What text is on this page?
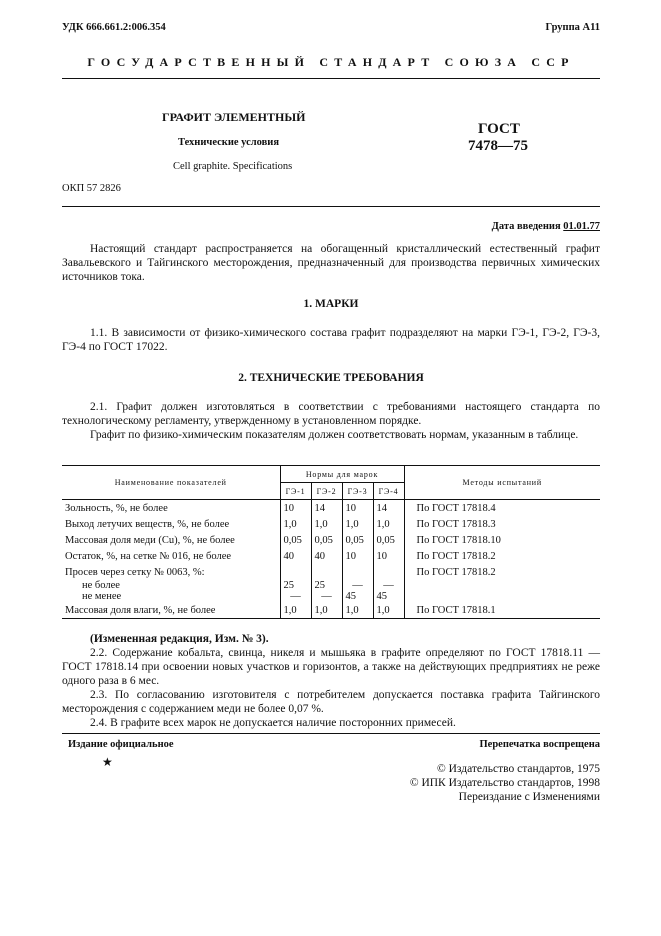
УДК 666.661.2:006.354	Группа А11
ГОСУДАРСТВЕННЫЙ СТАНДАРТ СОЮЗА ССР
ГРАФИТ ЭЛЕМЕНТНЫЙ
Технические условия
Cell graphite. Specifications
ГОСТ
7478—75
ОКП 57 2826
Дата введения 01.01.77

Настоящий стандарт распространяется на обогащенный кристаллический естественный графит Завальевского и Тайгинского месторождения, предназначенный для производства первичных химических источников тока.

1. МАРКИ

1.1. В зависимости от физико-химического состава графит подразделяют на марки ГЭ-1, ГЭ-2, ГЭ-3, ГЭ-4 по ГОСТ 17022.

2. ТЕХНИЧЕСКИЕ ТРЕБОВАНИЯ

2.1. Графит должен изготовляться в соответствии с требованиями настоящего стандарта по технологическому регламенту, утвержденному в установленном порядке.

Графит по физико-химическим показателям должен соответствовать нормам, указанным в таблице.

Наименование показателей	Нормы для марок				Методы испытаний
	ГЭ-1	ГЭ-2	ГЭ-3	ГЭ-4	
Зольность, %, не более	10	14	10	14	По ГОСТ 17818.4
Выход летучих веществ, %, не более	1,0	1,0	1,0	1,0	По ГОСТ 17818.3
Массовая доля меди (Cu), %, не более	0,05	0,05	0,05	0,05	По ГОСТ 17818.10
Остаток, %, на сетке № 016, не более	40	40	10	10	По ГОСТ 17818.2
Просев через сетку № 0063, %:					По ГОСТ 17818.2
не более	25	25	—	—	
не менее	—	—	45	45	
Массовая доля влаги, %, не более	1,0	1,0	1,0	1,0	По ГОСТ 17818.1
(Измененная редакция, Изм. № 3).

2.2. Содержание кобальта, свинца, никеля и мышьяка в графите определяют по ГОСТ 17818.11 — ГОСТ 17818.14 при освоении новых участков и горизонтов, а также на действующих предприятиях не реже одного раза в 6 мес.

2.3. По согласованию изготовителя с потребителем допускается поставка графита Тайгинского месторождения с содержанием меди не более 0,07 %.

2.4. В графите всех марок не допускается наличие посторонних примесей.

Издание официальное	Перепечатка воспрещена
★	© Издательство стандартов, 1975
© ИПК Издательство стандартов, 1998
Переиздание с Изменениями
